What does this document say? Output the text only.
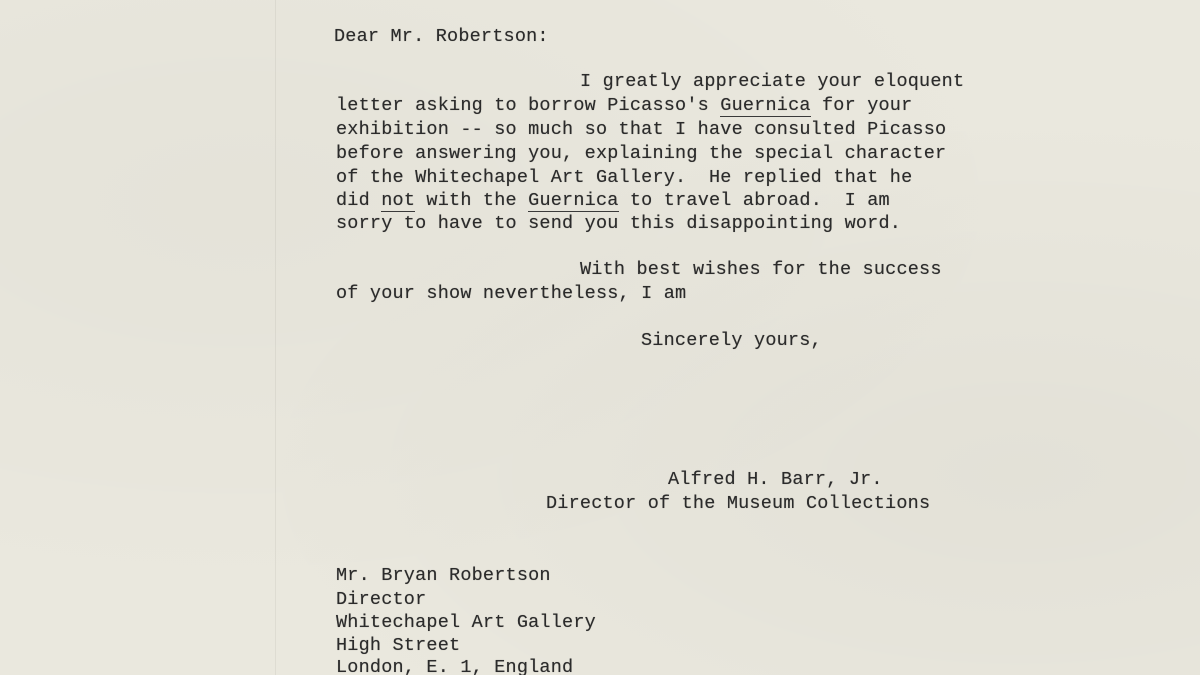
Dear Mr. Robertson:
I greatly appreciate your eloquent
letter asking to borrow Picasso's Guernica for your
exhibition -- so much so that I have consulted Picasso
before answering you, explaining the special character
of the Whitechapel Art Gallery.  He replied that he
did not with the Guernica to travel abroad.  I am
sorry to have to send you this disappointing word.
With best wishes for the success
of your show nevertheless, I am
Sincerely yours,
Alfred H. Barr, Jr.
Director of the Museum Collections
Mr. Bryan Robertson
Director
Whitechapel Art Gallery
High Street
London, E. 1, England
